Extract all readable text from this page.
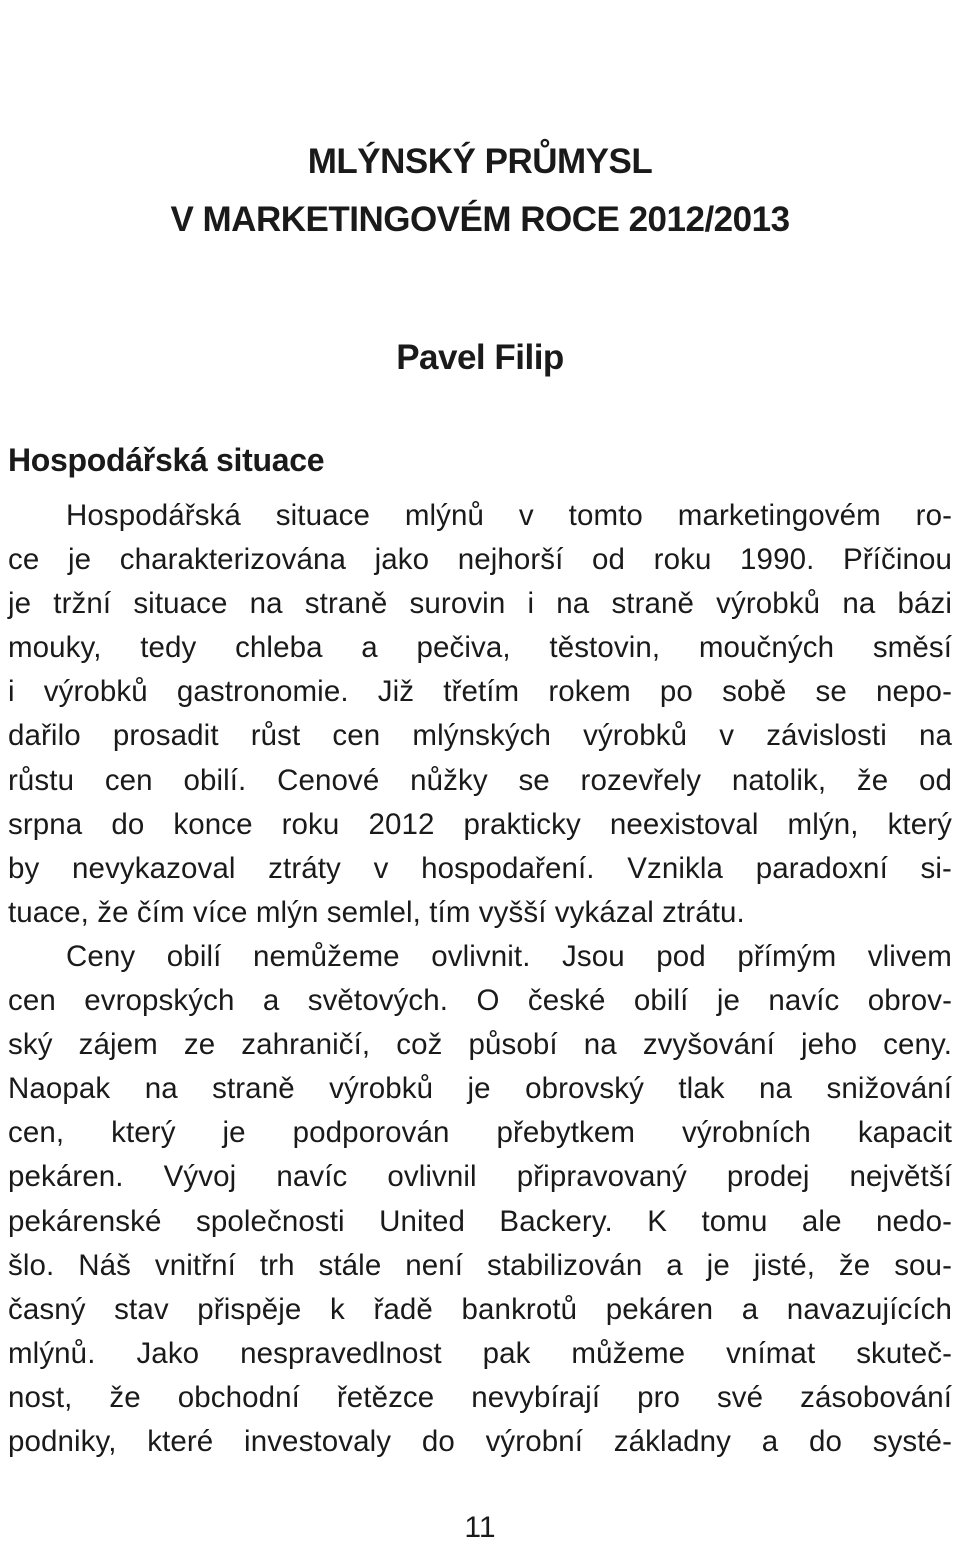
MLÝNSKÝ PRŮMYSL
V MARKETINGOVÉM ROCE 2012/2013
Pavel Filip
Hospodářská situace
Hospodářská situace mlýnů v tomto marketingovém ro-
ce je charakterizována jako nejhorší od roku 1990. Příčinou
je tržní situace na straně surovin i na straně výrobků na bázi
mouky, tedy chleba a pečiva, těstovin, moučných směsí
i výrobků gastronomie. Již třetím rokem po sobě se nepo-
dařilo prosadit růst cen mlýnských výrobků v závislosti na
růstu cen obilí. Cenové nůžky se rozevřely natolik, že od
srpna do konce roku 2012 prakticky neexistoval mlýn, který
by nevykazoval ztráty v hospodaření. Vznikla paradoxní si-
tuace, že čím více mlýn semlel, tím vyšší vykázal ztrátu.
Ceny obilí nemůžeme ovlivnit. Jsou pod přímým vlivem
cen evropských a světových. O české obilí je navíc obrov-
ský zájem ze zahraničí, což působí na zvyšování jeho ceny.
Naopak na straně výrobků je obrovský tlak na snižování
cen, který je podporován přebytkem výrobních kapacit
pekáren. Vývoj navíc ovlivnil připravovaný prodej největší
pekárenské společnosti United Backery. K tomu ale nedo-
šlo. Náš vnitřní trh stále není stabilizován a je jisté, že sou-
časný stav přispěje k řadě bankrotů pekáren a navazujících
mlýnů. Jako nespravedlnost pak můžeme vnímat skuteč-
nost, že obchodní řetězce nevybírají pro své zásobování
podniky, které investovaly do výrobní základny a do systé-
11
